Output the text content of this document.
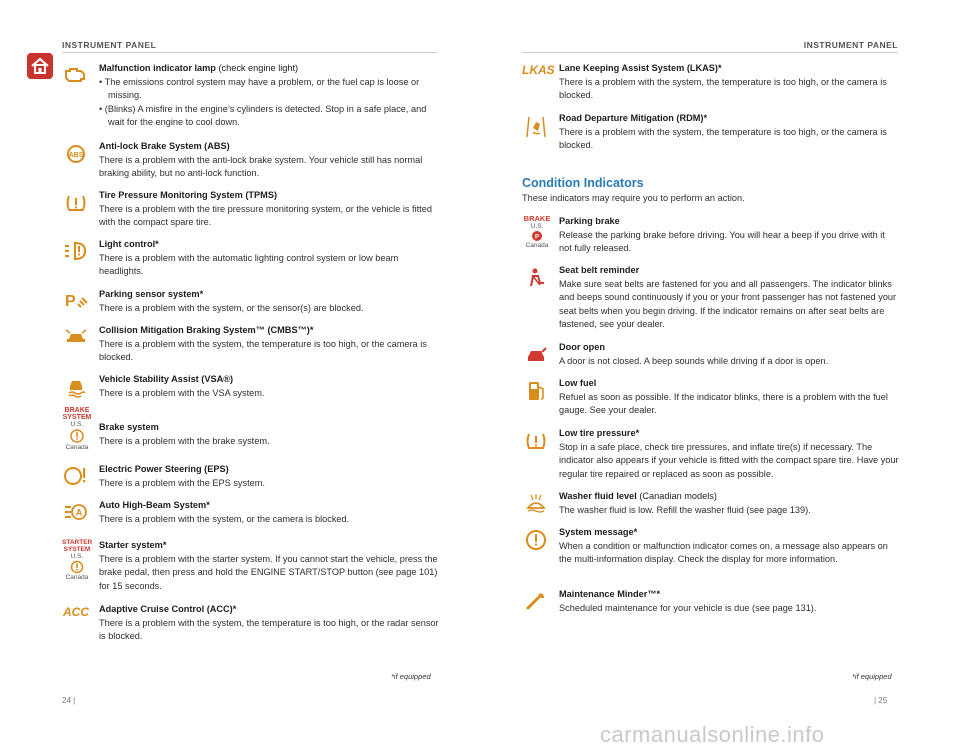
INSTRUMENT PANEL	INSTRUMENT PANEL
Malfunction indicator lamp (check engine light)
• The emissions control system may have a problem, or the fuel cap is loose or missing.
• (Blinks) A misfire in the engine’s cylinders is detected. Stop in a safe place, and wait for the engine to cool down.
ABS
Anti-lock Brake System (ABS)
There is a problem with the anti-lock brake system. Your vehicle still has normal braking ability, but no anti-lock function.
Tire Pressure Monitoring System (TPMS)
There is a problem with the tire pressure monitoring system, or the vehicle is fitted with the compact spare tire.
Light control*
There is a problem with the automatic lighting control system or low beam headlights.
P	Parking sensor system*
There is a problem with the system, or the sensor(s) are blocked.
Collision Mitigation Braking System™ (CMBS™)*
There is a problem with the system, the temperature is too high, or the camera is blocked.
Vehicle Stability Assist (VSA®)
There is a problem with the VSA system.
BRAKE
SYSTEM
U.S.
Canada
Brake system
There is a problem with the brake system.
Electric Power Steering (EPS)
There is a problem with the EPS system.
A
Auto High-Beam System*
There is a problem with the system, or the camera is blocked.
STARTER
SYSTEM
U.S.
Canada
Starter system*
There is a problem with the starter system. If you cannot start the vehicle, press the brake pedal, then press and hold the ENGINE START/STOP button (see page 101) for 15 seconds.
ACC Adaptive Cruise Control (ACC)*
There is a problem with the system, the temperature is too high, or the radar sensor is blocked.
LKAS Lane Keeping Assist System (LKAS)*
There is a problem with the system, the temperature is too high, or the camera is blocked.
Road Departure Mitigation (RDM)*
There is a problem with the system, the temperature is too high, or the camera is blocked.
Condition Indicators
These indicators may require you to perform an action.
BRAKE
U.S.
P
Canada
Parking brake
Release the parking brake before driving. You will hear a beep if you drive with it not fully released.
Seat belt reminder
Make sure seat belts are fastened for you and all passengers. The indicator blinks and beeps sound continuously if you or your front passenger has not fastened your seat belts when you begin driving. If the indicator remains on after seat belts are fastened, see your dealer.
Door open
A door is not closed. A beep sounds while driving if a door is open.
Low fuel
Refuel as soon as possible. If the indicator blinks, there is a problem with the fuel gauge. See your dealer.
Low tire pressure*
Stop in a safe place, check tire pressures, and inflate tire(s) if necessary. The indicator also appears if your vehicle is fitted with the compact spare tire. Have your regular tire repaired or replaced as soon as possible.
Washer fluid level (Canadian models)
The washer fluid is low. Refill the washer fluid (see page 139).
System message*
When a condition or malfunction indicator comes on, a message also appears on the multi-information display. Check the display for more information.
Maintenance Minder™*
Scheduled maintenance for your vehicle is due (see page 131).
*if equipped	*if equipped
24 |	| 25
carmanualsonline.info
